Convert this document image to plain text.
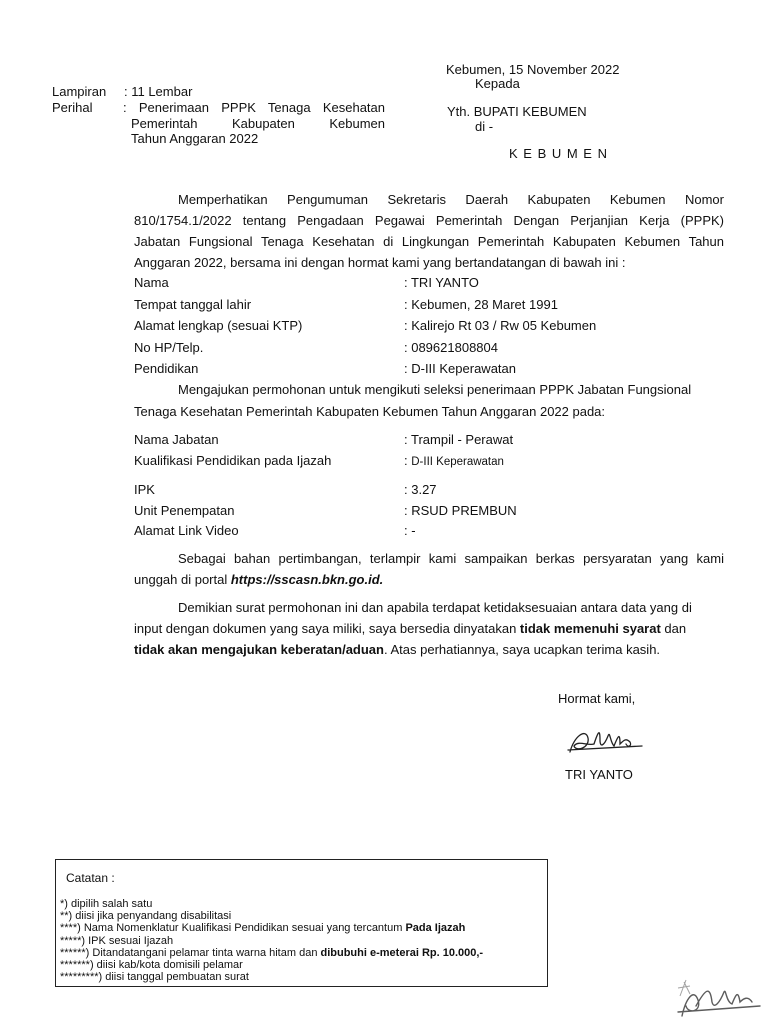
Kebumen, 15 November 2022
Kepada
Yth. BUPATI KEBUMEN
di -
K E B U M E N
Lampiran : 11 Lembar
Perihal : Penerimaan PPPK Tenaga Kesehatan
Pemerintah Kabupaten Kebumen
Tahun Anggaran 2022
Memperhatikan Pengumuman Sekretaris Daerah Kabupaten Kebumen Nomor
810/1754.1/2022 tentang Pengadaan Pegawai Pemerintah Dengan Perjanjian Kerja (PPPK)
Jabatan Fungsional Tenaga Kesehatan di Lingkungan Pemerintah Kabupaten Kebumen Tahun
Anggaran 2022, bersama ini dengan hormat kami yang bertandatangan di bawah ini :
Nama	: TRI YANTO
Tempat tanggal lahir	: Kebumen, 28 Maret 1991
Alamat lengkap (sesuai KTP)	: Kalirejo Rt 03 / Rw 05 Kebumen
No HP/Telp.	: 089621808804
Pendidikan	: D-III Keperawatan
Mengajukan permohonan untuk mengikuti seleksi penerimaan PPPK Jabatan Fungsional
Tenaga Kesehatan Pemerintah Kabupaten Kebumen Tahun Anggaran 2022 pada:
Nama Jabatan	: Trampil - Perawat
Kualifikasi Pendidikan pada Ijazah	: D-III Keperawatan
IPK	: 3.27
Unit Penempatan	: RSUD PREMBUN
Alamat Link Video	: -
Sebagai bahan pertimbangan, terlampir kami sampaikan berkas persyaratan yang kami
unggah di portal https://sscasn.bkn.go.id.
Demikian surat permohonan ini dan apabila terdapat ketidaksesuaian antara data yang di
input dengan dokumen yang saya miliki, saya bersedia dinyatakan tidak memenuhi syarat dan
tidak akan mengajukan keberatan/aduan. Atas perhatiannya, saya ucapkan terima kasih.
Hormat kami,
TRI YANTO
Catatan :
*) dipilih salah satu
**) diisi jika penyandang disabilitasi
****) Nama Nomenklatur Kualifikasi Pendidikan sesuai yang tercantum Pada Ijazah
*****) IPK sesuai Ijazah
******) Ditandatangani pelamar tinta warna hitam dan dibubuhi e-meterai Rp. 10.000,-
*******) diisi kab/kota domisili pelamar
*********) diisi tanggal pembuatan surat
